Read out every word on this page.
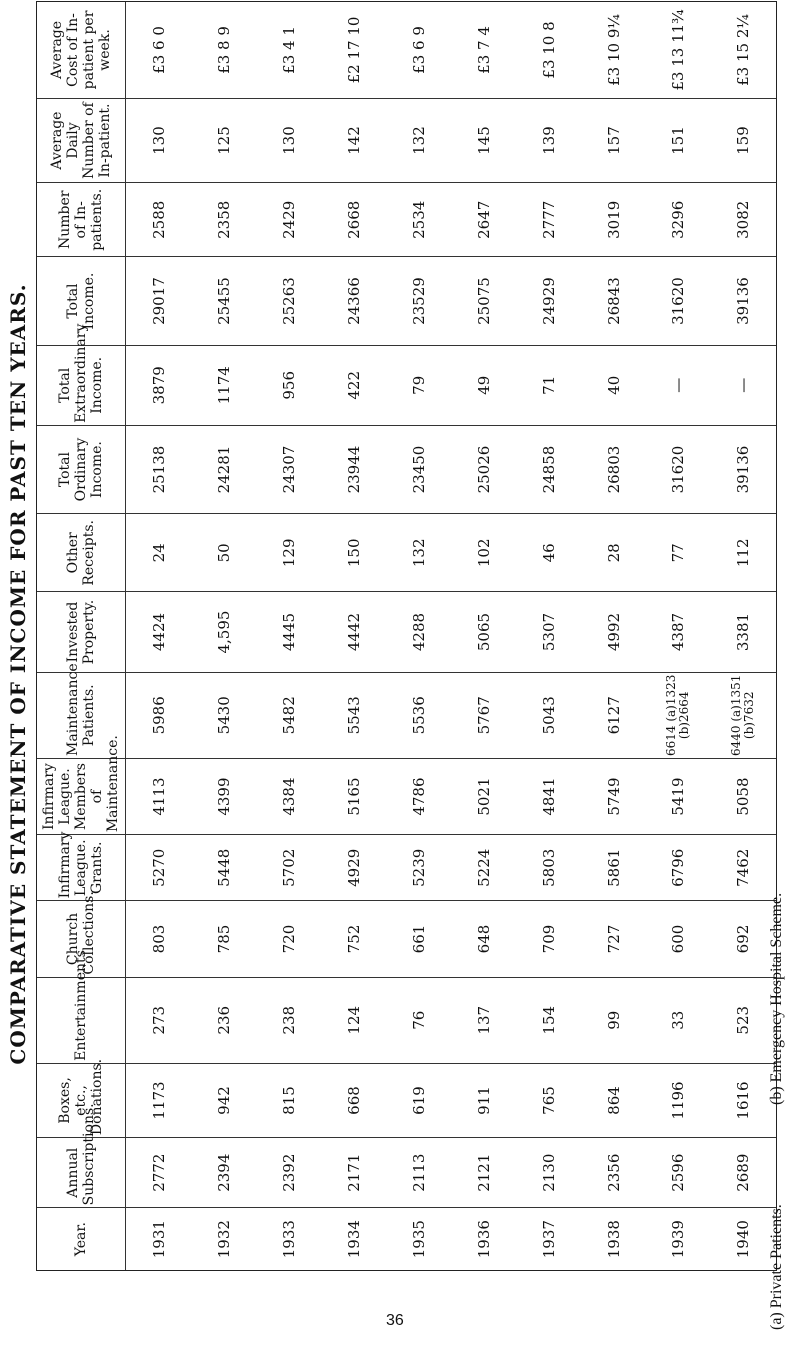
COMPARATIVE STATEMENT OF INCOME FOR PAST TEN YEARS.
Year.	Annual Subscriptions.	Boxes, etc., Donations.	Entertainments	Church Collections.	Infirmary League. Grants.	Infirmary League. Members of Maintenance.	Maintenance Patients.	Invested Property.	Other Receipts.	Total Ordinary Income.	Total Extraordinary Income.	Total Income.	Number of In-patients.	Average Daily Number of In-patient.	Average Cost of In-patient per week.
1931	2772	1173	273	803	5270	4113	5986	4424	24	25138	3879	29017	2588	130	£3 6 0
1932	2394	942	236	785	5448	4399	5430	4,595	50	24281	1174	25455	2358	125	£3 8 9
1933	2392	815	238	720	5702	4384	5482	4445	129	24307	956	25263	2429	130	£3 4 1
1934	2171	668	124	752	4929	5165	5543	4442	150	23944	422	24366	2668	142	£2 17 10
1935	2113	619	76	661	5239	4786	5536	4288	132	23450	79	23529	2534	132	£3 6 9
1936	2121	911	137	648	5224	5021	5767	5065	102	25026	49	25075	2647	145	£3 7 4
1937	2130	765	154	709	5803	4841	5043	5307	46	24858	71	24929	2777	139	£3 10 8
1938	2356	864	99	727	5861	5749	6127	4992	28	26803	40	26843	3019	157	£3 10 9¼
1939	2596	1196	33	600	6796	5419	6614 (a)1323 (b)2664	4387	77	31620	—	31620	3296	151	£3 13 11¾
1940	2689	1616	523	692	7462	5058	6440 (a)1351 (b)7632	3381	112	39136	—	39136	3082	159	£3 15 2¼
(a) Private Patients.
(b) Emergency Hospital Scheme.
36
